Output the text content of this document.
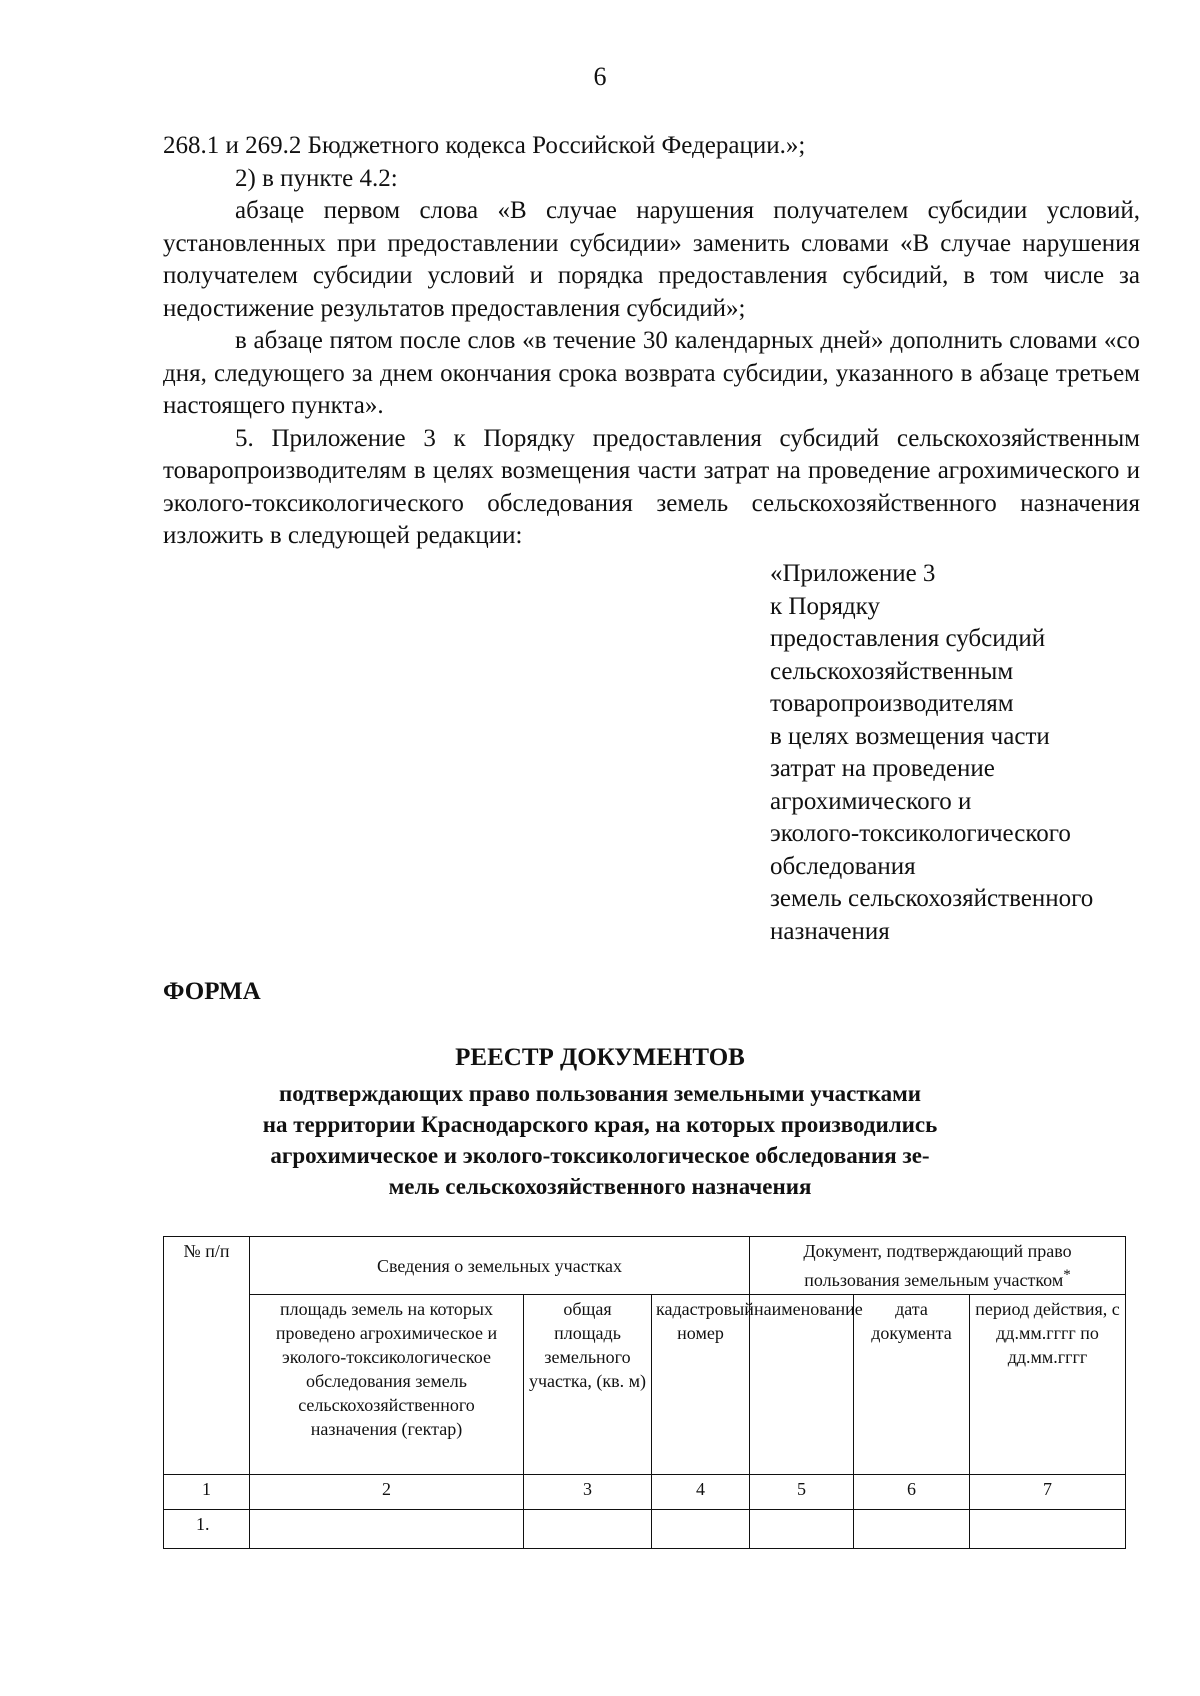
6

268.1 и 269.2 Бюджетного кодекса Российской Федерации.»;

2) в пункте 4.2:

абзаце первом слова «В случае нарушения получателем субсидии условий, установленных при предоставлении субсидии» заменить словами «В случае нарушения получателем субсидии условий и порядка предоставления субсидий, в том числе за недостижение результатов предоставления субсидий»;

в абзаце пятом после слов «в течение 30 календарных дней» дополнить словами «со дня, следующего за днем окончания срока возврата субсидии, указанного в абзаце третьем настоящего пункта».

5. Приложение 3 к Порядку предоставления субсидий сельскохозяйственным товаропроизводителям в целях возмещения части затрат на проведение агрохимического и эколого-токсикологического обследования земель сельскохозяйственного назначения изложить в следующей редакции:

«Приложение 3
к Порядку
предоставления субсидий
сельскохозяйственным
товаропроизводителям
в целях возмещения части
затрат на проведение
агрохимического и
эколого-токсикологического
обследования
земель сельскохозяйственного
назначения
ФОРМА
РЕЕСТР ДОКУМЕНТОВ
подтверждающих право пользования земельными участками
на территории Краснодарского края, на которых производились
агрохимическое и эколого-токсикологическое обследования зе-
мель сельскохозяйственного назначения
№ п/п	Сведения о земельных участках			Документ, подтверждающий право пользования земельным участком*
	площадь земель на которых проведено агрохимическое и эколого-токсикологическое обследования земель сельскохозяйственного назначения (гектар)	общая площадь земельного участка, (кв. м)	кадастровый номер	наименование	дата документа	период действия, с дд.мм.гггг по дд.мм.гггг
1	2	3	4	5	6	7
1.						
